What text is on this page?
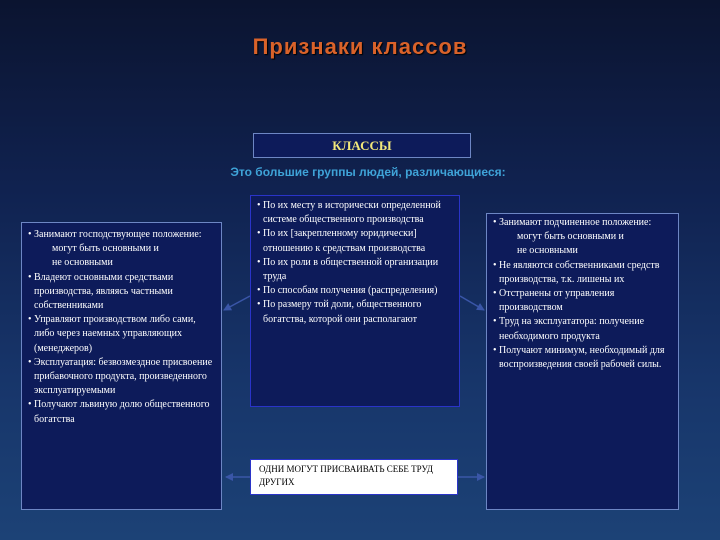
Признаки классов
КЛАССЫ
Это большие группы людей, различающиеся:
• По их месту в исторически определенной системе общественного производства
• По их [закрепленному юридически] отношению к средствам производства
• По их роли в общественной организации труда
• По способам получения (распределения)
• По размеру той доли, общественного богатства, которой они располагают
• Занимают господствующее положение:
могут быть основными и
не основными
• Владеют основными средствами производства, являясь частными собственниками
• Управляют производством либо сами, либо через наемных управляющих (менеджеров)
• Эксплуатация: безвозмездное присвоение прибавочного продукта, произведенного эксплуатируемыми
• Получают львиную долю общественного богатства
• Занимают подчиненное положение:
могут быть основными и
не основными
• Не являются собственниками средств производства, т.к. лишены их
• Отстранены от управления производством
• Труд на эксплуататора: получение необходимого продукта
• Получают минимум, необходимый для воспроизведения своей рабочей силы.
ОДНИ МОГУТ ПРИСВАИВАТЬ СЕБЕ ТРУД ДРУГИХ
